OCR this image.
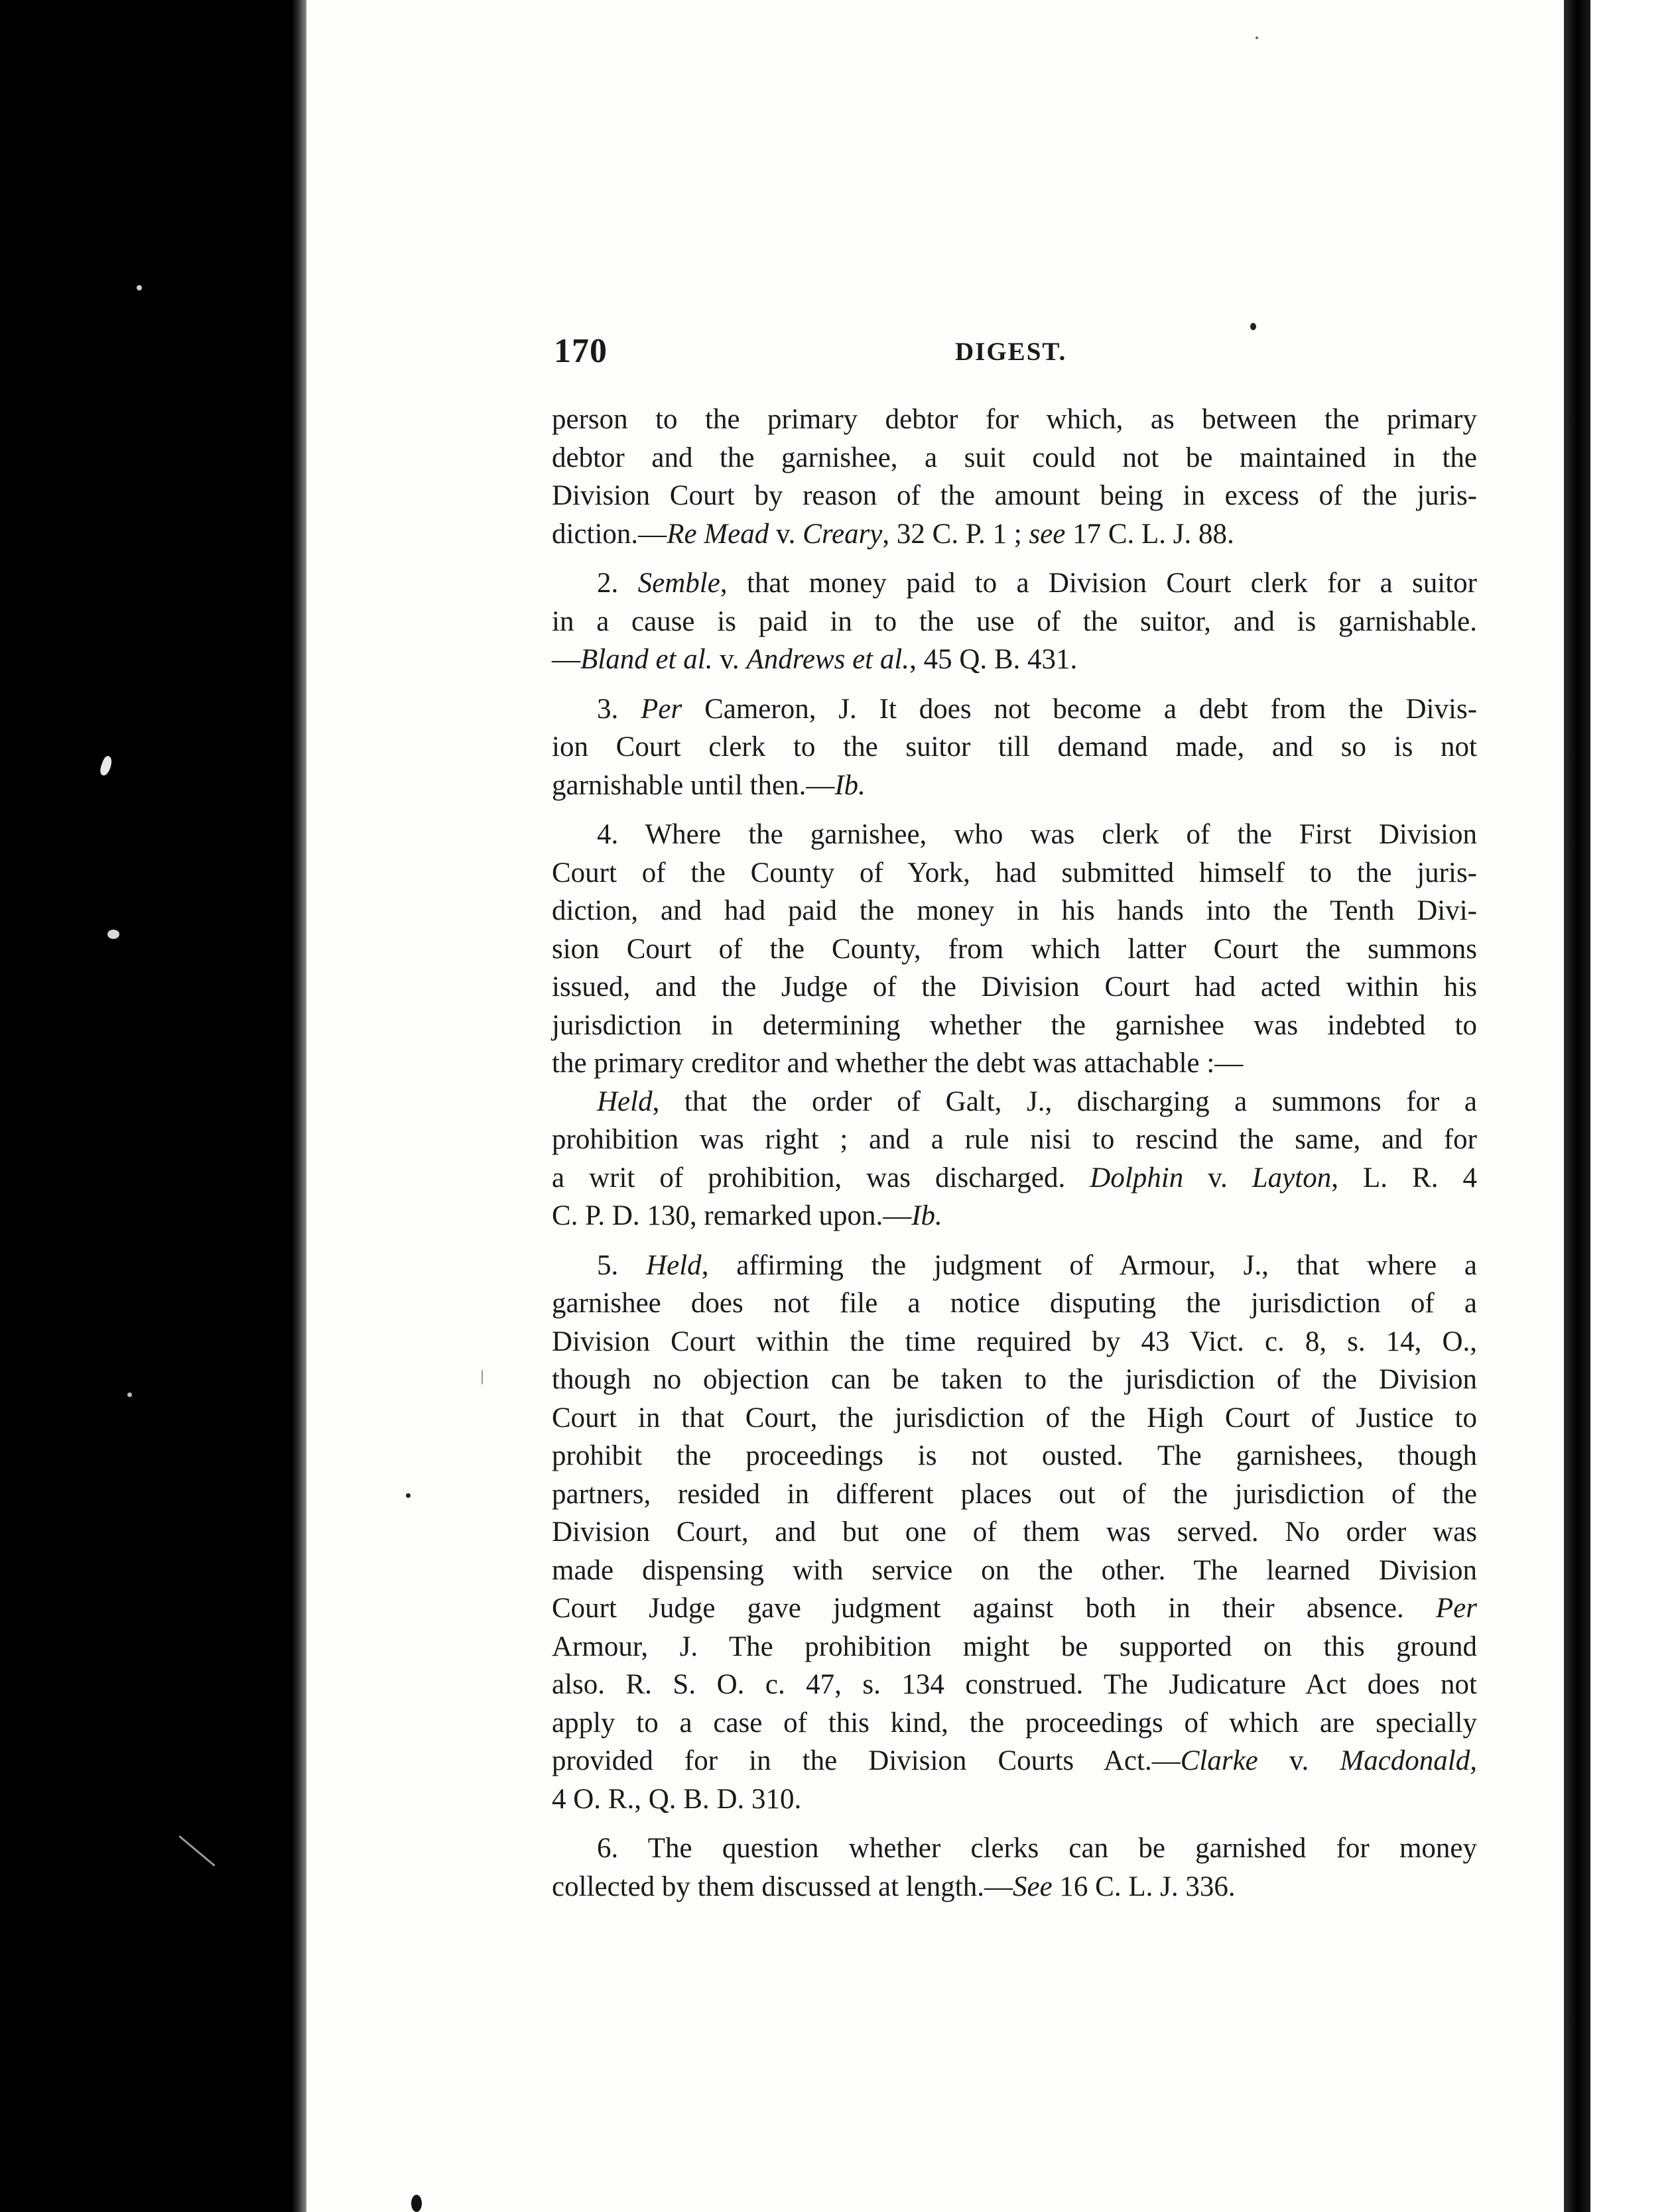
170	DIGEST.
person to the primary debtor for which, as between the primary
debtor and the garnishee, a suit could not be maintained in the
Division Court by reason of the amount being in excess of the juris-
diction.—Re Mead v. Creary, 32 C. P. 1 ; see 17 C. L. J. 88.
2. Semble, that money paid to a Division Court clerk for a suitor
in a cause is paid in to the use of the suitor, and is garnishable.
—Bland et al. v. Andrews et al., 45 Q. B. 431.
3. Per Cameron, J. It does not become a debt from the Divis-
ion Court clerk to the suitor till demand made, and so is not
garnishable until then.—Ib.
4. Where the garnishee, who was clerk of the First Division
Court of the County of York, had submitted himself to the juris-
diction, and had paid the money in his hands into the Tenth Divi-
sion Court of the County, from which latter Court the summons
issued, and the Judge of the Division Court had acted within his
jurisdiction in determining whether the garnishee was indebted to
the primary creditor and whether the debt was attachable :—
Held, that the order of Galt, J., discharging a summons for a
prohibition was right ; and a rule nisi to rescind the same, and for
a writ of prohibition, was discharged. Dolphin v. Layton, L. R. 4
C. P. D. 130, remarked upon.—Ib.
5. Held, affirming the judgment of Armour, J., that where a
garnishee does not file a notice disputing the jurisdiction of a
Division Court within the time required by 43 Vict. c. 8, s. 14, O.,
though no objection can be taken to the jurisdiction of the Division
Court in that Court, the jurisdiction of the High Court of Justice to
prohibit the proceedings is not ousted. The garnishees, though
partners, resided in different places out of the jurisdiction of the
Division Court, and but one of them was served. No order was
made dispensing with service on the other. The learned Division
Court Judge gave judgment against both in their absence. Per
Armour, J. The prohibition might be supported on this ground
also. R. S. O. c. 47, s. 134 construed. The Judicature Act does not
apply to a case of this kind, the proceedings of which are specially
provided for in the Division Courts Act.—Clarke v. Macdonald,
4 O. R., Q. B. D. 310.
6. The question whether clerks can be garnished for money
collected by them discussed at length.—See 16 C. L. J. 336.
